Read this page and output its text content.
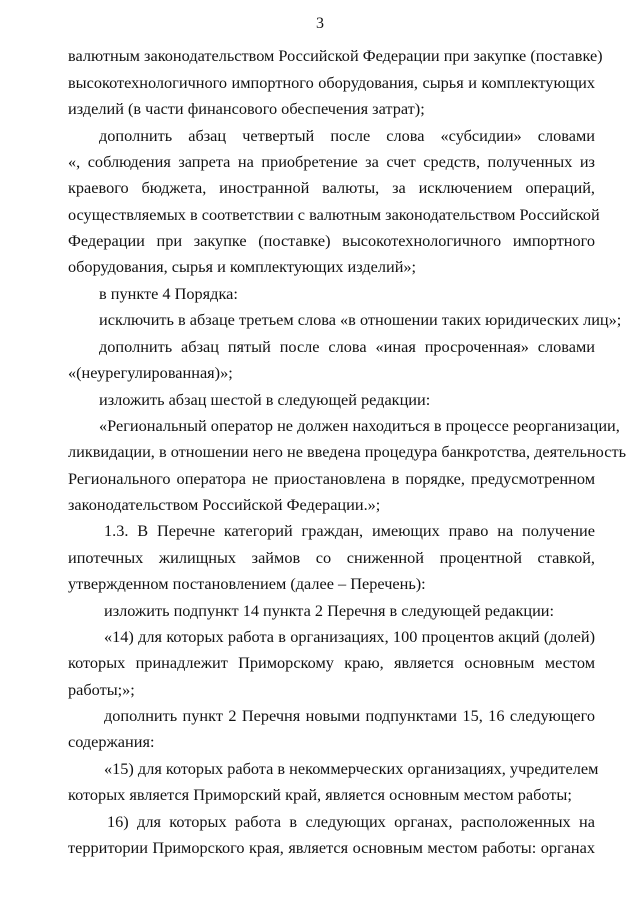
3
валютным законодательством Российской Федерации при закупке (поставке)
высокотехнологичного импортного оборудования, сырья и комплектующих
изделий (в части финансового обеспечения затрат);
дополнить абзац четвертый после слова «субсидии» словами
«, соблюдения запрета на приобретение за счет средств, полученных из
краевого бюджета, иностранной валюты, за исключением операций,
осуществляемых в соответствии с валютным законодательством Российской
Федерации при закупке (поставке) высокотехнологичного импортного
оборудования, сырья и комплектующих изделий»;
в пункте 4 Порядка:
исключить в абзаце третьем слова «в отношении таких юридических лиц»;
дополнить абзац пятый после слова «иная просроченная» словами
«(неурегулированная)»;
изложить абзац шестой в следующей редакции:
«Региональный оператор не должен находиться в процессе реорганизации,
ликвидации, в отношении него не введена процедура банкротства, деятельность
Регионального оператора не приостановлена в порядке, предусмотренном
законодательством Российской Федерации.»;
1.3. В Перечне категорий граждан, имеющих право на получение
ипотечных жилищных займов со сниженной процентной ставкой,
утвержденном постановлением (далее – Перечень):
изложить подпункт 14 пункта 2 Перечня в следующей редакции:
«14) для которых работа в организациях, 100 процентов акций (долей)
которых принадлежит Приморскому краю, является основным местом
работы;»;
дополнить пункт 2 Перечня новыми подпунктами 15, 16 следующего
содержания:
«15) для которых работа в некоммерческих организациях, учредителем
которых является Приморский край, является основным местом работы;
16) для которых работа в следующих органах, расположенных на
территории Приморского края, является основным местом работы: органах
